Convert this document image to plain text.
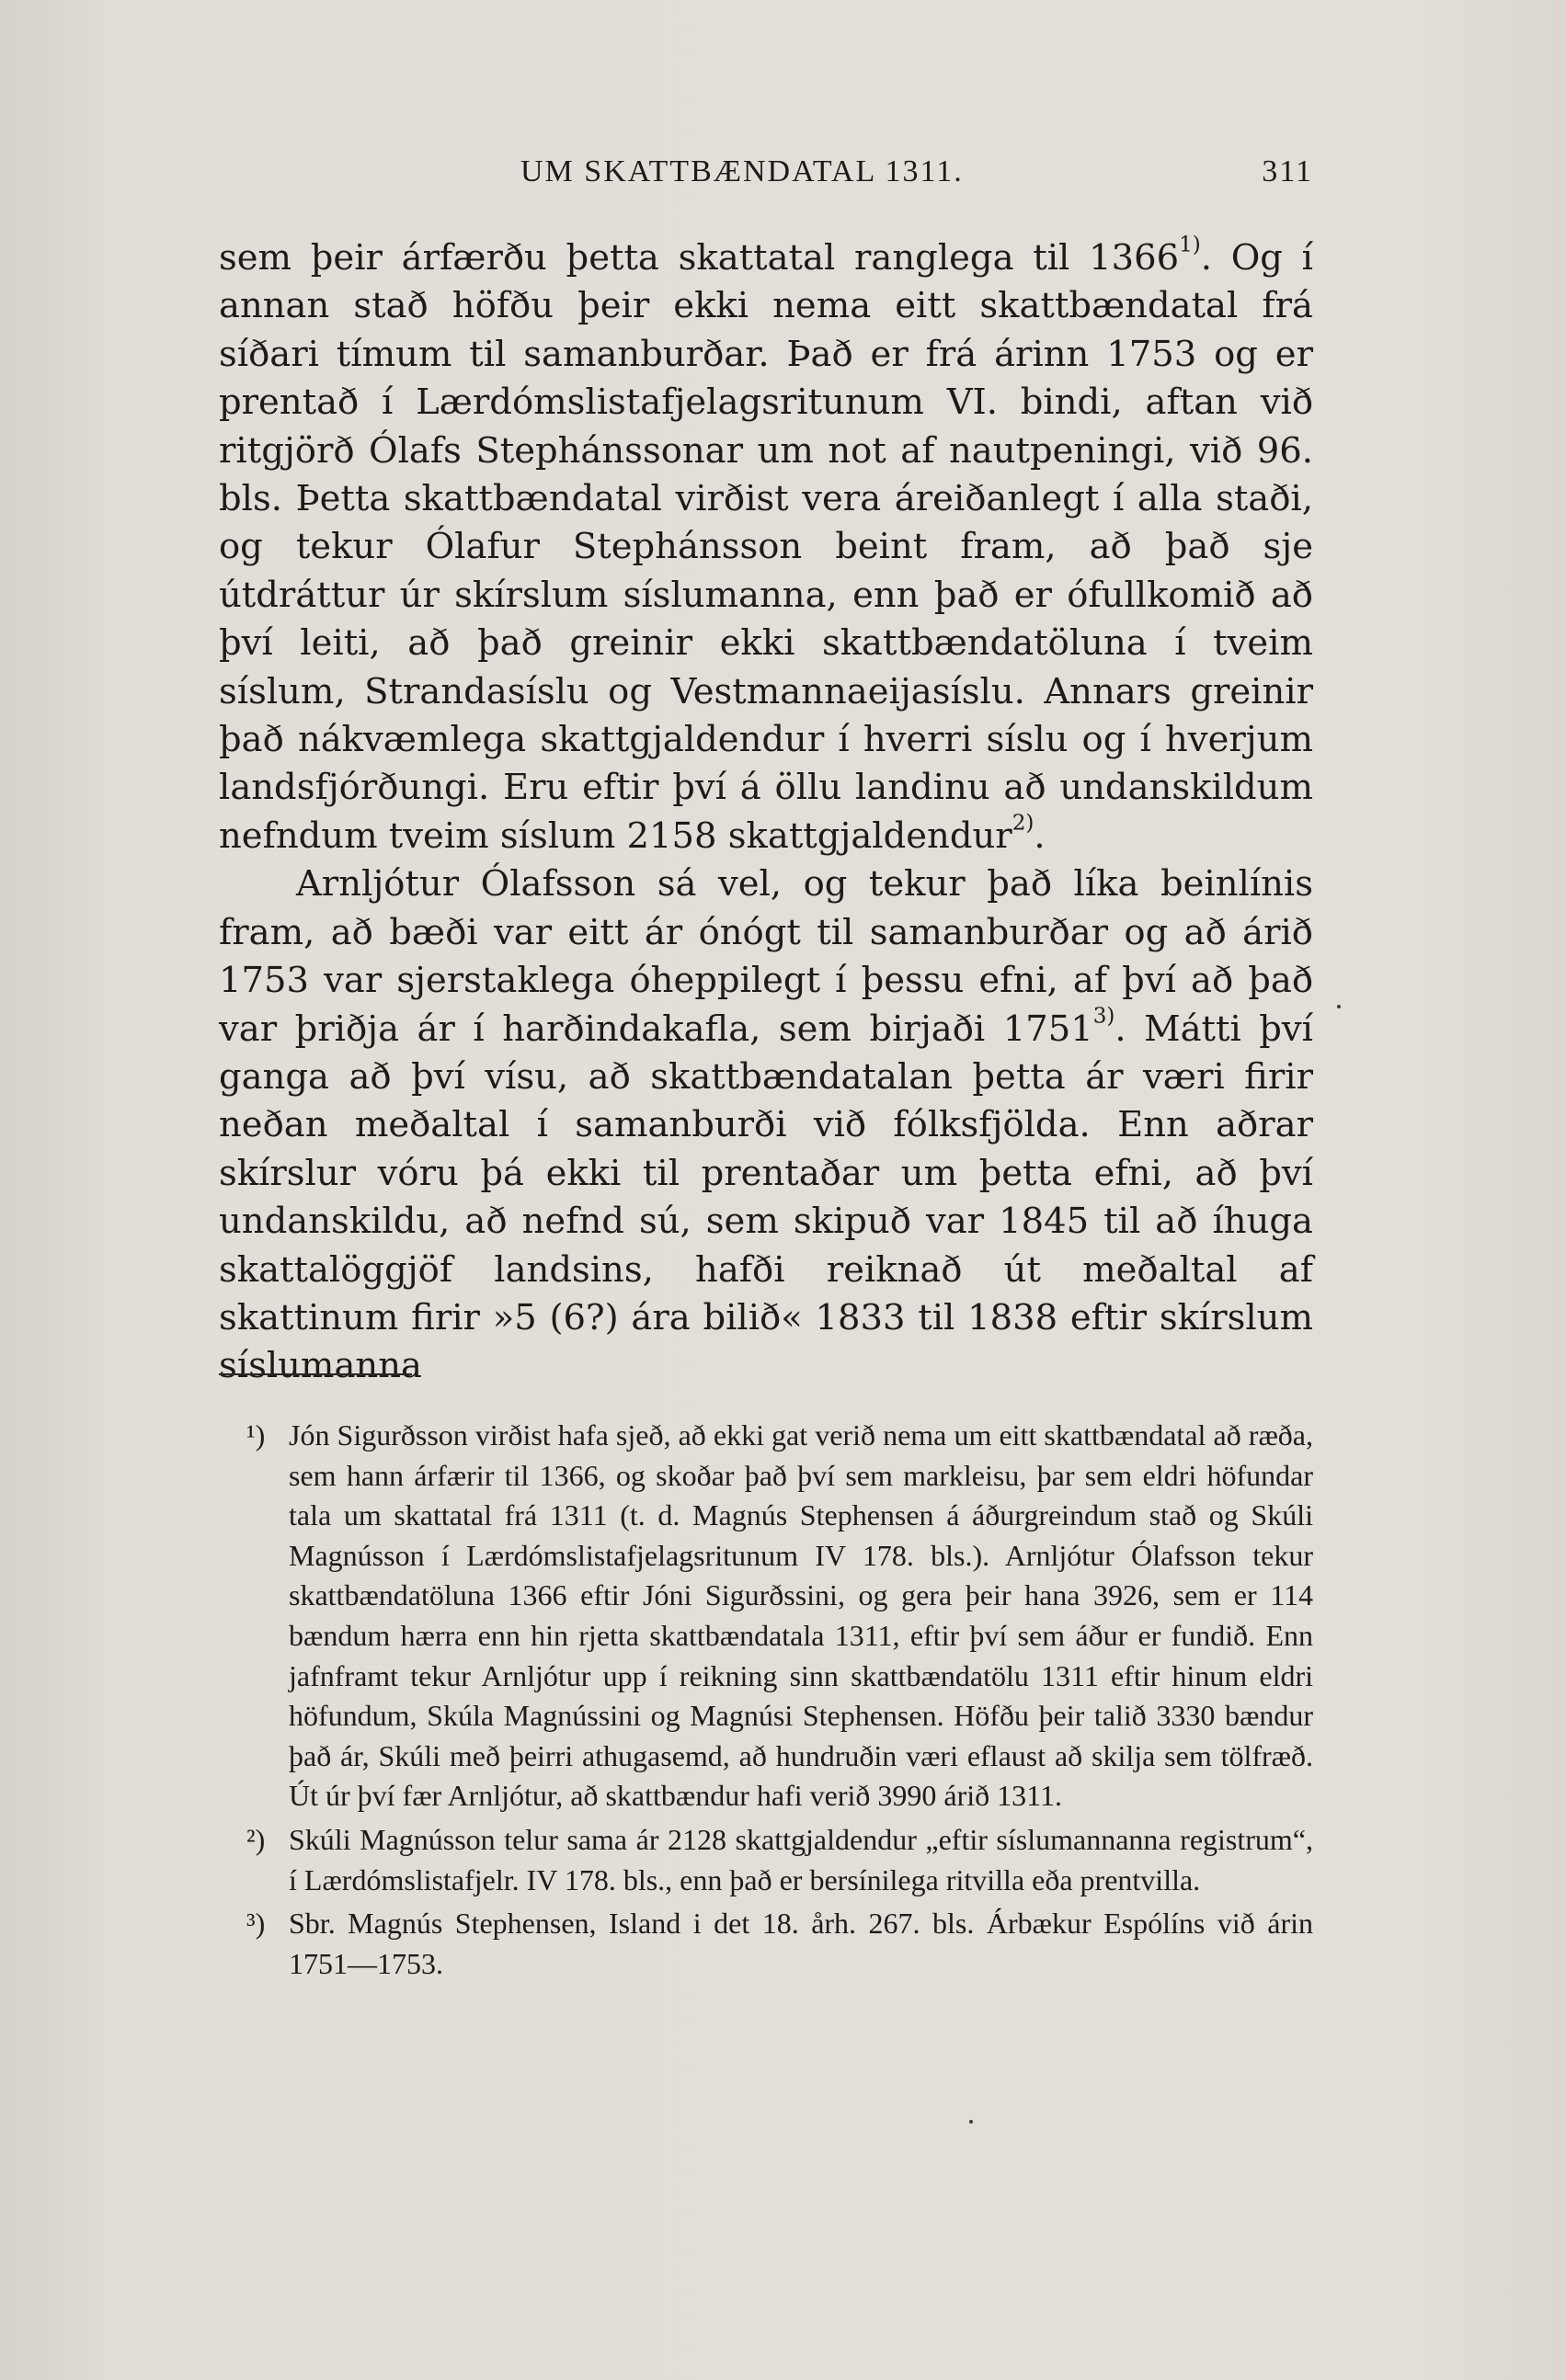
UM SKATTBÆNDATAL 1311.	311

sem þeir árfærðu þetta skattatal ranglega til 1366$^{1)}$. Og í annan stað höfðu þeir ekki nema eitt skattbændatal frá síðari tímum til samanburðar. Það er frá árinn 1753 og er prentað í Lærdómslistafjelagsritunum VI. bindi, aftan við ritgjörð Ólafs Stephánssonar um not af nautpeningi, við 96. bls. Þetta skattbændatal virðist vera áreiðanlegt í alla staði, og tekur Ólafur Stephánsson beint fram, að það sje útdráttur úr skírslum síslumanna, enn það er ófullkomið að því leiti, að það greinir ekki skattbændatöluna í tveim síslum, Strandasíslu og Vestmannaeijasíslu. Annars greinir það nákvæmlega skattgjaldendur í hverri síslu og í hverjum landsfjórðungi. Eru eftir því á öllu landinu að undanskildum nefndum tveim síslum 2158 skattgjaldendur$^{2)}$.

Arnljótur Ólafsson sá vel, og tekur það líka beinlínis fram, að bæði var eitt ár ónógt til samanburðar og að árið 1753 var sjerstaklega óheppilegt í þessu efni, af því að það var þriðja ár í harðindakafla, sem birjaði 1751$^{3)}$. Mátti því ganga að því vísu, að skattbændatalan þetta ár væri firir neðan meðaltal í samanburði við fólksfjölda. Enn aðrar skírslur vóru þá ekki til prentaðar um þetta efni, að því undanskildu, að nefnd sú, sem skipuð var 1845 til að íhuga skattalöggjöf landsins, hafði reiknað út meðaltal af skattinum firir »5 (6?) ára bilið« 1833 til 1838 eftir skírslum síslumanna

¹) Jón Sigurðsson virðist hafa sjeð, að ekki gat verið nema um eitt skattbændatal að ræða, sem hann árfærir til 1366, og skoðar það því sem markleisu, þar sem eldri höfundar tala um skattatal frá 1311 (t. d. Magnús Stephensen á áðurgreindum stað og Skúli Magnússon í Lærdómslistafjelagsritunum IV 178. bls.). Arnljótur Ólafsson tekur skattbændatöluna 1366 eftir Jóni Sigurðssini, og gera þeir hana 3926, sem er 114 bændum hærra enn hin rjetta skattbændatala 1311, eftir því sem áður er fundið. Enn jafnframt tekur Arnljótur upp í reikning sinn skattbændatölu 1311 eftir hinum eldri höfundum, Skúla Magnússini og Magnúsi Stephensen. Höfðu þeir talið 3330 bændur það ár, Skúli með þeirri athugasemd, að hundruðin væri eflaust að skilja sem tölfræð. Út úr því fær Arnljótur, að skattbændur hafi verið 3990 árið 1311.
²) Skúli Magnússon telur sama ár 2128 skattgjaldendur „eftir síslumannanna registrum“, í Lærdómslistafjelr. IV 178. bls., enn það er bersínilega ritvilla eða prentvilla.
³) Sbr. Magnús Stephensen, Island i det 18. årh. 267. bls. Árbækur Espólíns við árin 1751—1753.
